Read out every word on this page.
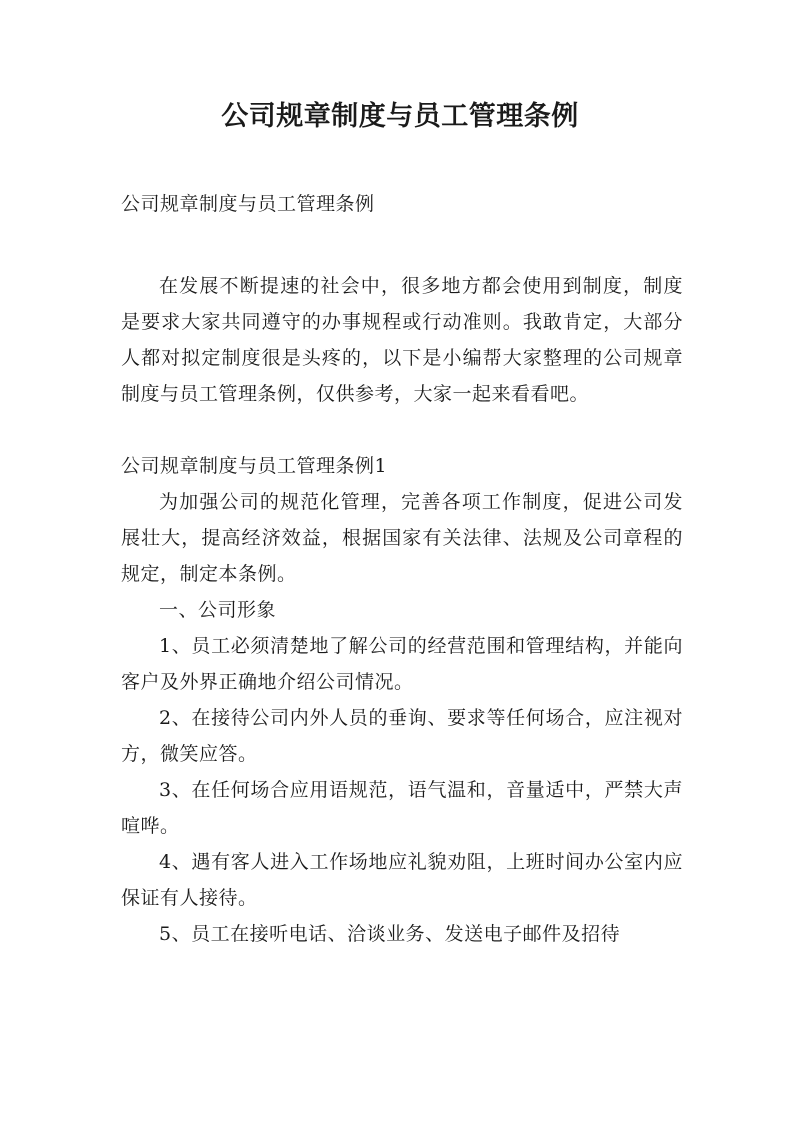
公司规章制度与员工管理条例

公司规章制度与员工管理条例

在发展不断提速的社会中，很多地方都会使用到制度，制度是要求大家共同遵守的办事规程或行动准则。我敢肯定，大部分人都对拟定制度很是头疼的，以下是小编帮大家整理的公司规章制度与员工管理条例，仅供参考，大家一起来看看吧。

公司规章制度与员工管理条例1

为加强公司的规范化管理，完善各项工作制度，促进公司发展壮大，提高经济效益，根据国家有关法律、法规及公司章程的规定，制定本条例。

一、公司形象

1、员工必须清楚地了解公司的经营范围和管理结构，并能向客户及外界正确地介绍公司情况。

2、在接待公司内外人员的垂询、要求等任何场合，应注视对方，微笑应答。

3、在任何场合应用语规范，语气温和，音量适中，严禁大声喧哗。

4、遇有客人进入工作场地应礼貌劝阻，上班时间办公室内应保证有人接待。

5、员工在接听电话、洽谈业务、发送电子邮件及招待
